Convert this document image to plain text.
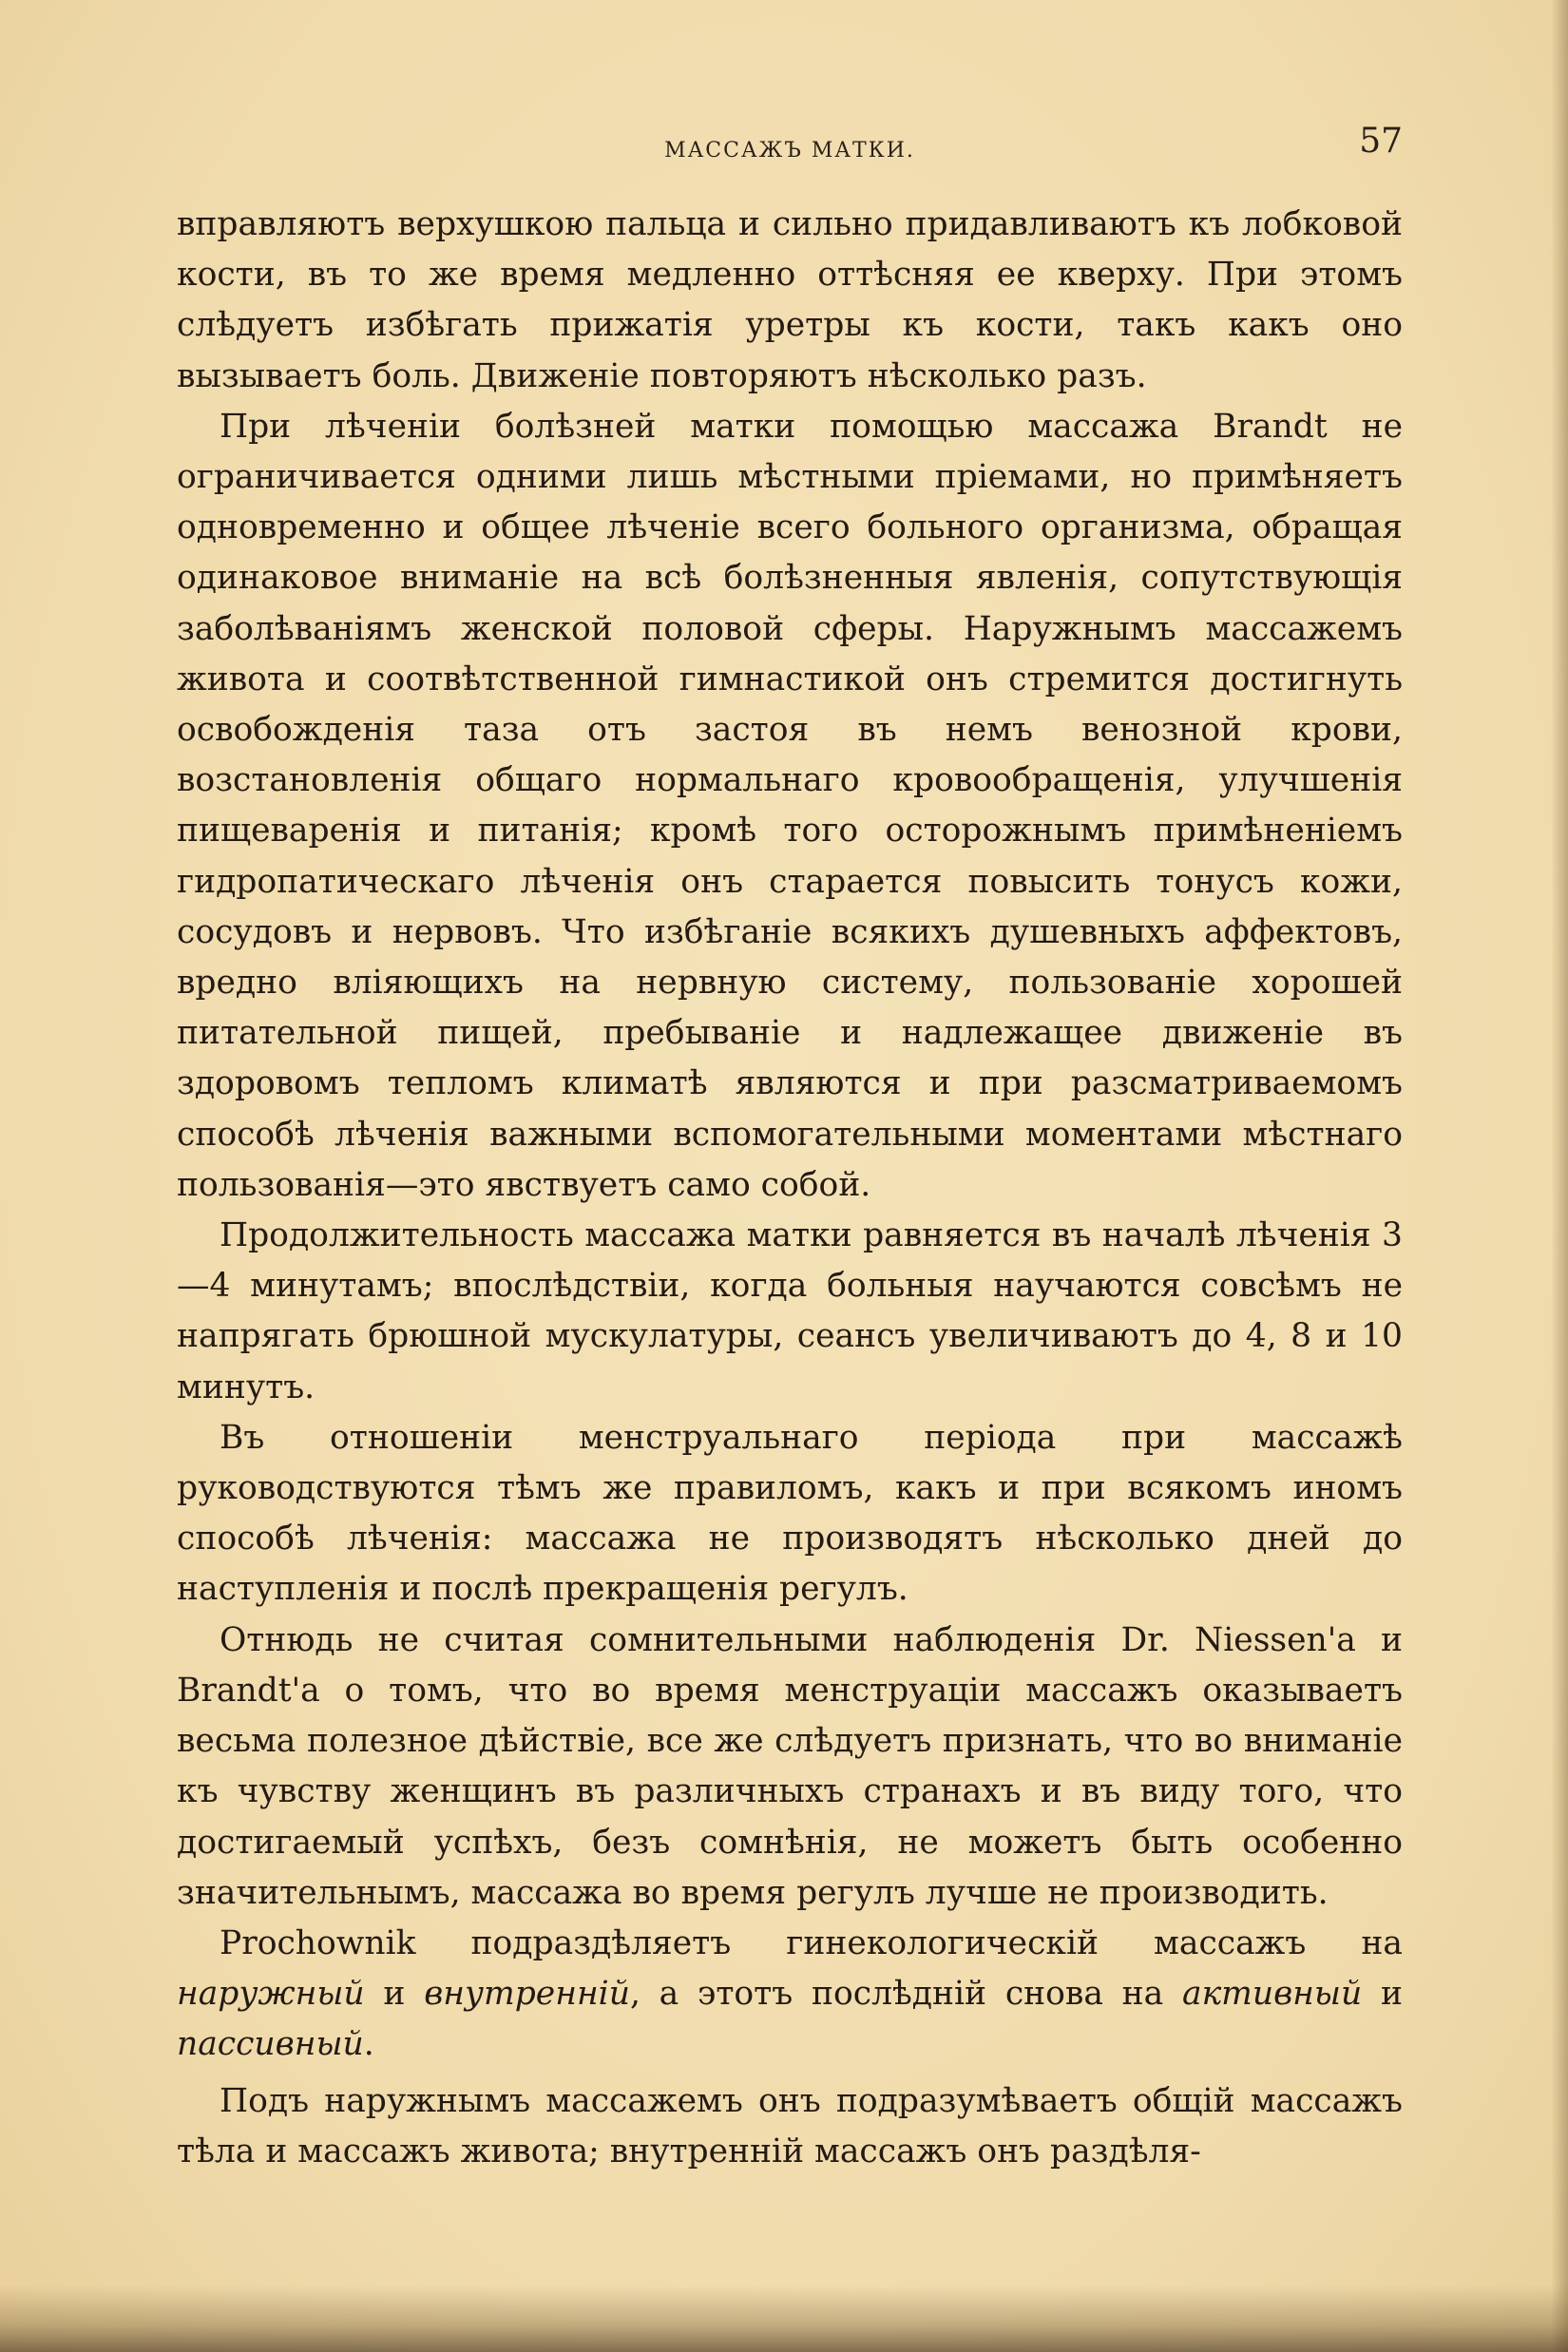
МАССАЖЪ МАТКИ.	57

вправляютъ верхушкою пальца и сильно придавливаютъ къ лобковой кости, въ то же время медленно оттѣсняя ее кверху. При этомъ слѣдуетъ избѣгать прижатія уретры къ кости, такъ какъ оно вызываетъ боль. Движеніе повторяютъ нѣсколько разъ.

При лѣченіи болѣзней матки помощью массажа Brandt не ограничивается одними лишь мѣстными пріемами, но примѣняетъ одновременно и общее лѣченіе всего больного организма, обращая одинаковое вниманіе на всѣ болѣзненныя явленія, сопутствующія заболѣваніямъ женской половой сферы. Наружнымъ массажемъ живота и соотвѣтственной гимнастикой онъ стремится достигнуть освобожденія таза отъ застоя въ немъ венозной крови, возстановленія общаго нормальнаго кровообращенія, улучшенія пищеваренія и питанія; кромѣ того осторожнымъ примѣненіемъ гидропатическаго лѣченія онъ старается повысить тонусъ кожи, сосудовъ и нервовъ. Что избѣганіе всякихъ душевныхъ аффектовъ, вредно вліяющихъ на нервную систему, пользованіе хорошей питательной пищей, пребываніе и надлежащее движеніе въ здоровомъ тепломъ климатѣ являются и при разсматриваемомъ способѣ лѣченія важными вспомогательными моментами мѣстнаго пользованія—это явствуетъ само собой.

Продолжительность массажа матки равняется въ началѣ лѣченія 3—4 минутамъ; впослѣдствіи, когда больныя научаются совсѣмъ не напрягать брюшной мускулатуры, сеансъ увеличиваютъ до 4, 8 и 10 минутъ.

Въ отношеніи менструальнаго періода при массажѣ руководствуются тѣмъ же правиломъ, какъ и при всякомъ иномъ способѣ лѣченія: массажа не производятъ нѣсколько дней до наступленія и послѣ прекращенія регулъ.

Отнюдь не считая сомнительными наблюденія Dr. Niessen'a и Brandt'a о томъ, что во время менструаціи массажъ оказываетъ весьма полезное дѣйствіе, все же слѣдуетъ признать, что во вниманіе къ чувству женщинъ въ различныхъ странахъ и въ виду того, что достигаемый успѣхъ, безъ сомнѣнія, не можетъ быть особенно значительнымъ, массажа во время регулъ лучше не производить.

Prochownik подраздѣляетъ гинекологическій массажъ на наружный и внутренній, а этотъ послѣдній снова на активный и пассивный.

Подъ наружнымъ массажемъ онъ подразумѣваетъ общій массажъ тѣла и массажъ живота; внутренній массажъ онъ раздѣля-
